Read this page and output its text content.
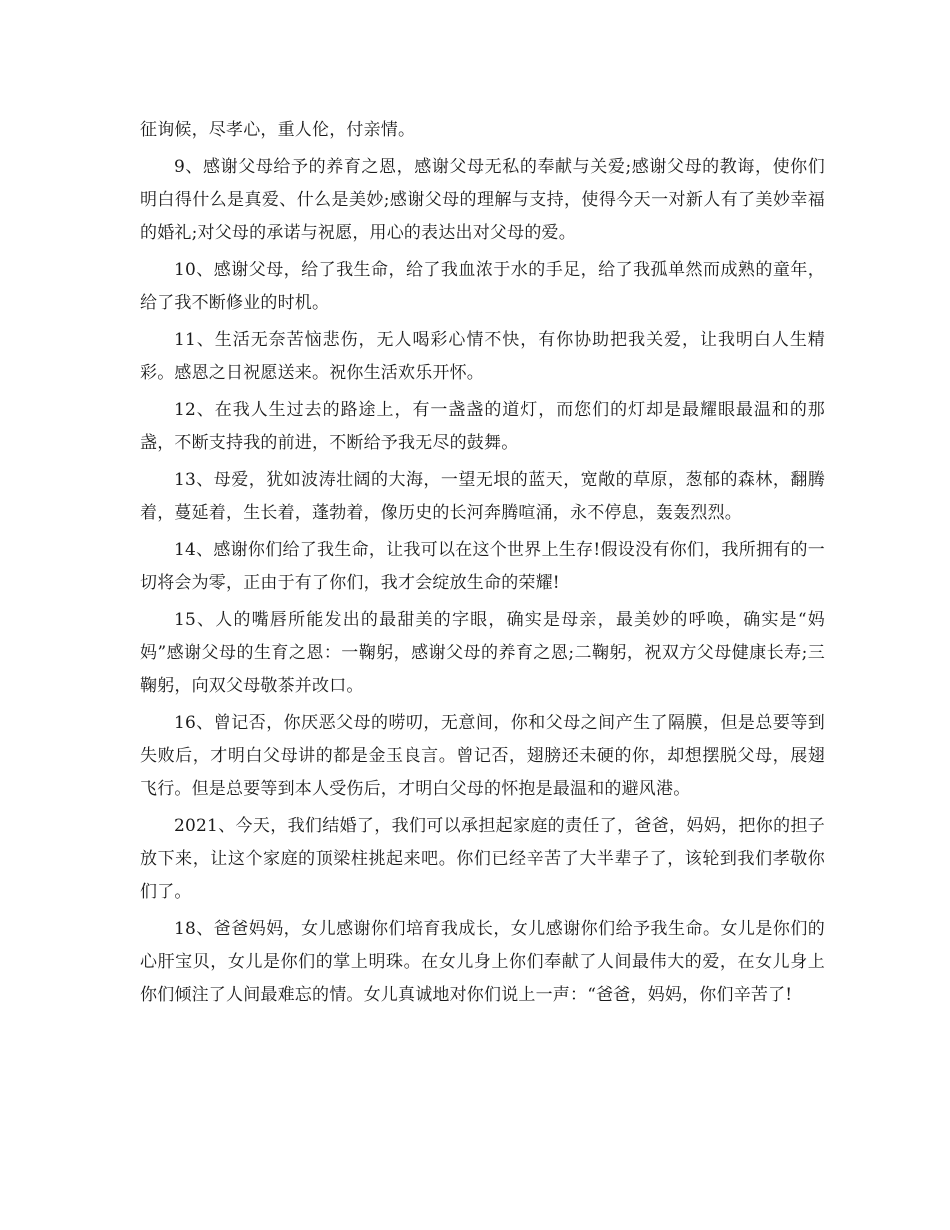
征询候，尽孝心，重人伦，付亲情。

9、感谢父母给予的养育之恩，感谢父母无私的奉献与关爱;感谢父母的教诲，使你们明白得什么是真爱、什么是美妙;感谢父母的理解与支持，使得今天一对新人有了美妙幸福的婚礼;对父母的承诺与祝愿，用心的表达出对父母的爱。

10、感谢父母，给了我生命，给了我血浓于水的手足，给了我孤单然而成熟的童年，给了我不断修业的时机。

11、生活无奈苦恼悲伤，无人喝彩心情不快，有你协助把我关爱，让我明白人生精彩。感恩之日祝愿送来。祝你生活欢乐开怀。

12、在我人生过去的路途上，有一盏盏的道灯，而您们的灯却是最耀眼最温和的那盏，不断支持我的前进，不断给予我无尽的鼓舞。

13、母爱，犹如波涛壮阔的大海，一望无垠的蓝天，宽敞的草原，葱郁的森林，翻腾着，蔓延着，生长着，蓬勃着，像历史的长河奔腾喧涌，永不停息，轰轰烈烈。

14、感谢你们给了我生命，让我可以在这个世界上生存!假设没有你们，我所拥有的一切将会为零，正由于有了你们，我才会绽放生命的荣耀!

15、人的嘴唇所能发出的最甜美的字眼，确实是母亲，最美妙的呼唤，确实是“妈妈”感谢父母的生育之恩：一鞠躬，感谢父母的养育之恩;二鞠躬，祝双方父母健康长寿;三鞠躬，向双父母敬茶并改口。

16、曾记否，你厌恶父母的唠叨，无意间，你和父母之间产生了隔膜，但是总要等到失败后，才明白父母讲的都是金玉良言。曾记否，翅膀还未硬的你，却想摆脱父母，展翅飞行。但是总要等到本人受伤后，才明白父母的怀抱是最温和的避风港。

2021、今天，我们结婚了，我们可以承担起家庭的责任了，爸爸，妈妈，把你的担子放下来，让这个家庭的顶梁柱挑起来吧。你们已经辛苦了大半辈子了，该轮到我们孝敬你们了。

18、爸爸妈妈，女儿感谢你们培育我成长，女儿感谢你们给予我生命。女儿是你们的心肝宝贝，女儿是你们的掌上明珠。在女儿身上你们奉献了人间最伟大的爱，在女儿身上你们倾注了人间最难忘的情。女儿真诚地对你们说上一声：“爸爸，妈妈，你们辛苦了!
